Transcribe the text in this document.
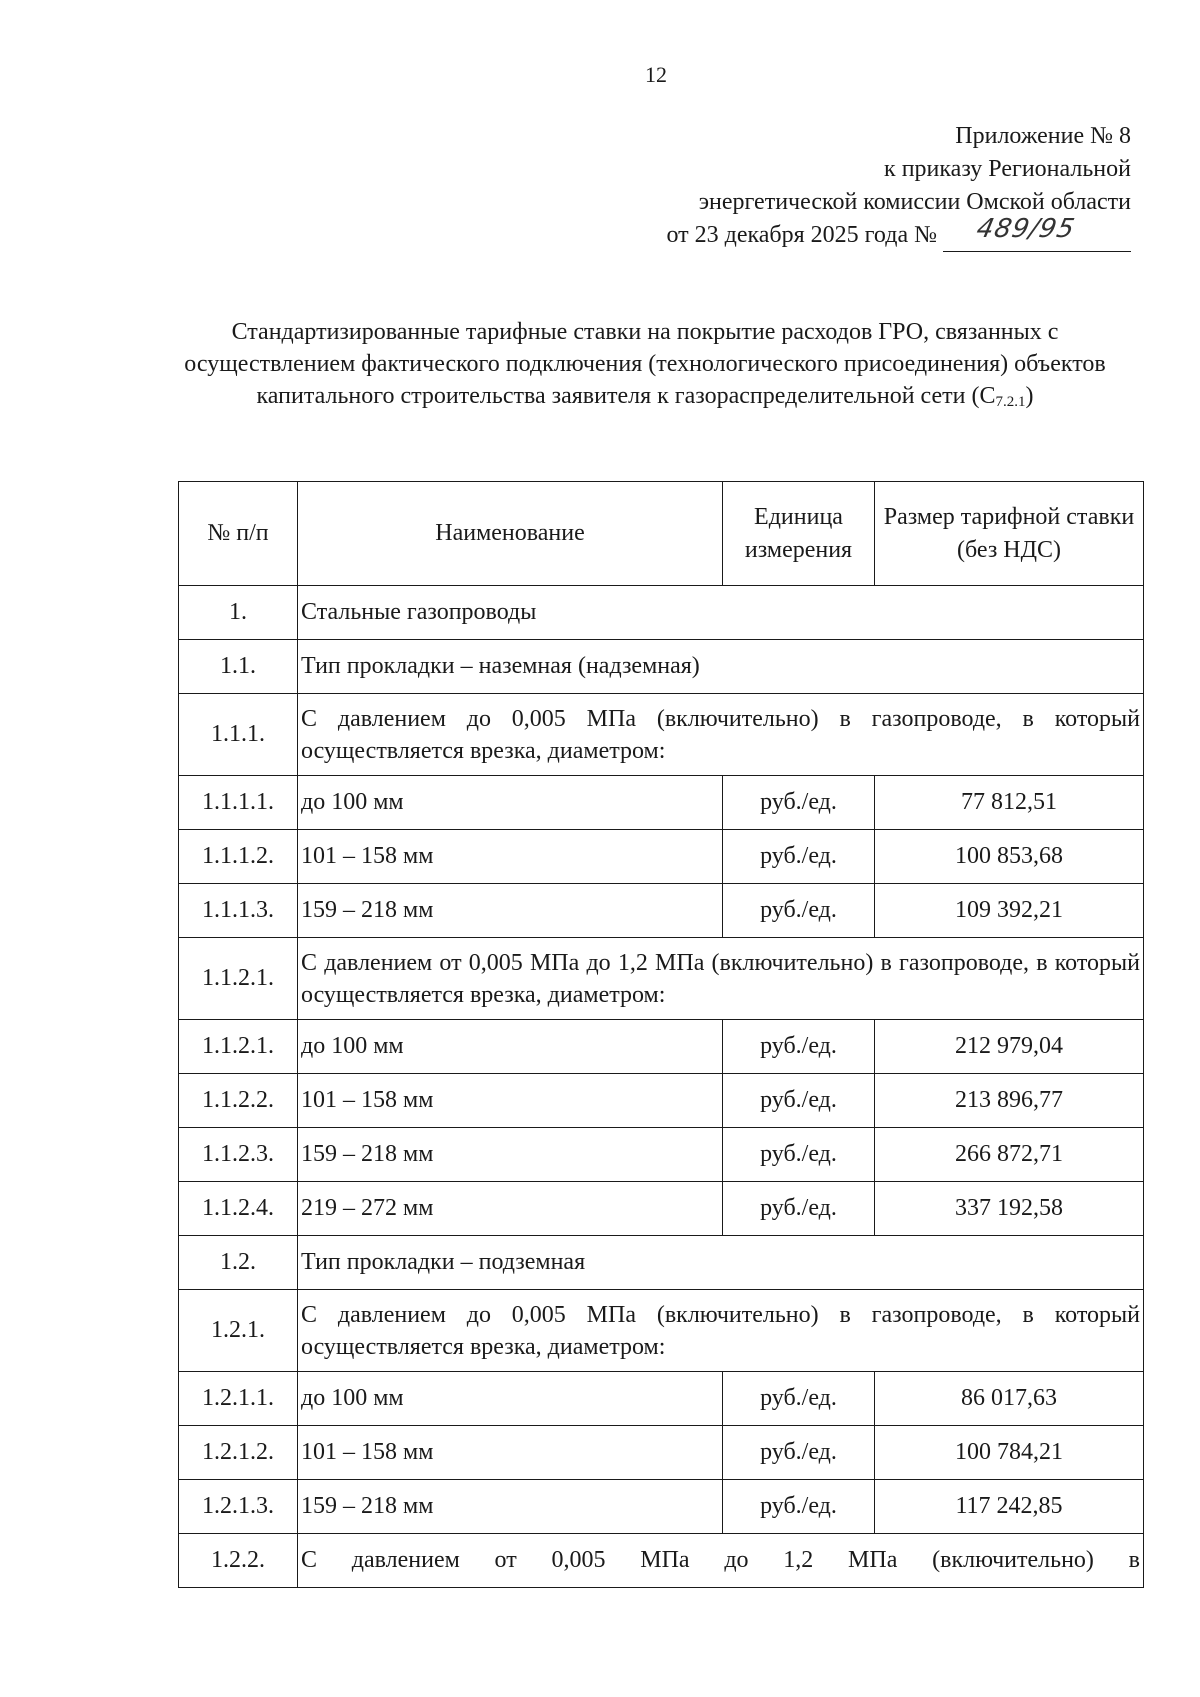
12
Приложение № 8
к приказу Региональной
энергетической комиссии Омской области
от 23 декабря 2025 года № 489/95
Стандартизированные тарифные ставки на покрытие расходов ГРО, связанных с осуществлением фактического подключения (технологического присоединения) объектов капитального строительства заявителя к газораспределительной сети $(С_{7.2.1})$
№ п/п	Наименование	Единица измерения	Размер тарифной ставки (без НДС)
1.	Стальные газопроводы		
1.1.	Тип прокладки – наземная (надземная)		
1.1.1.	С давлением до 0,005 МПа (включительно) в газопроводе, в который осуществляется врезка, диаметром:		
1.1.1.1.	до 100 мм	руб./ед.	77 812,51
1.1.1.2.	101 – 158 мм	руб./ед.	100 853,68
1.1.1.3.	159 – 218 мм	руб./ед.	109 392,21
1.1.2.1.	С давлением от 0,005 МПа до 1,2 МПа (включительно) в газопроводе, в который осуществляется врезка, диаметром:		
1.1.2.1.	до 100 мм	руб./ед.	212 979,04
1.1.2.2.	101 – 158 мм	руб./ед.	213 896,77
1.1.2.3.	159 – 218 мм	руб./ед.	266 872,71
1.1.2.4.	219 – 272 мм	руб./ед.	337 192,58
1.2.	Тип прокладки – подземная		
1.2.1.	С давлением до 0,005 МПа (включительно) в газопроводе, в который осуществляется врезка, диаметром:		
1.2.1.1.	до 100 мм	руб./ед.	86 017,63
1.2.1.2.	101 – 158 мм	руб./ед.	100 784,21
1.2.1.3.	159 – 218 мм	руб./ед.	117 242,85
1.2.2.	С давлением от 0,005 МПа до 1,2 МПа (включительно) в		
